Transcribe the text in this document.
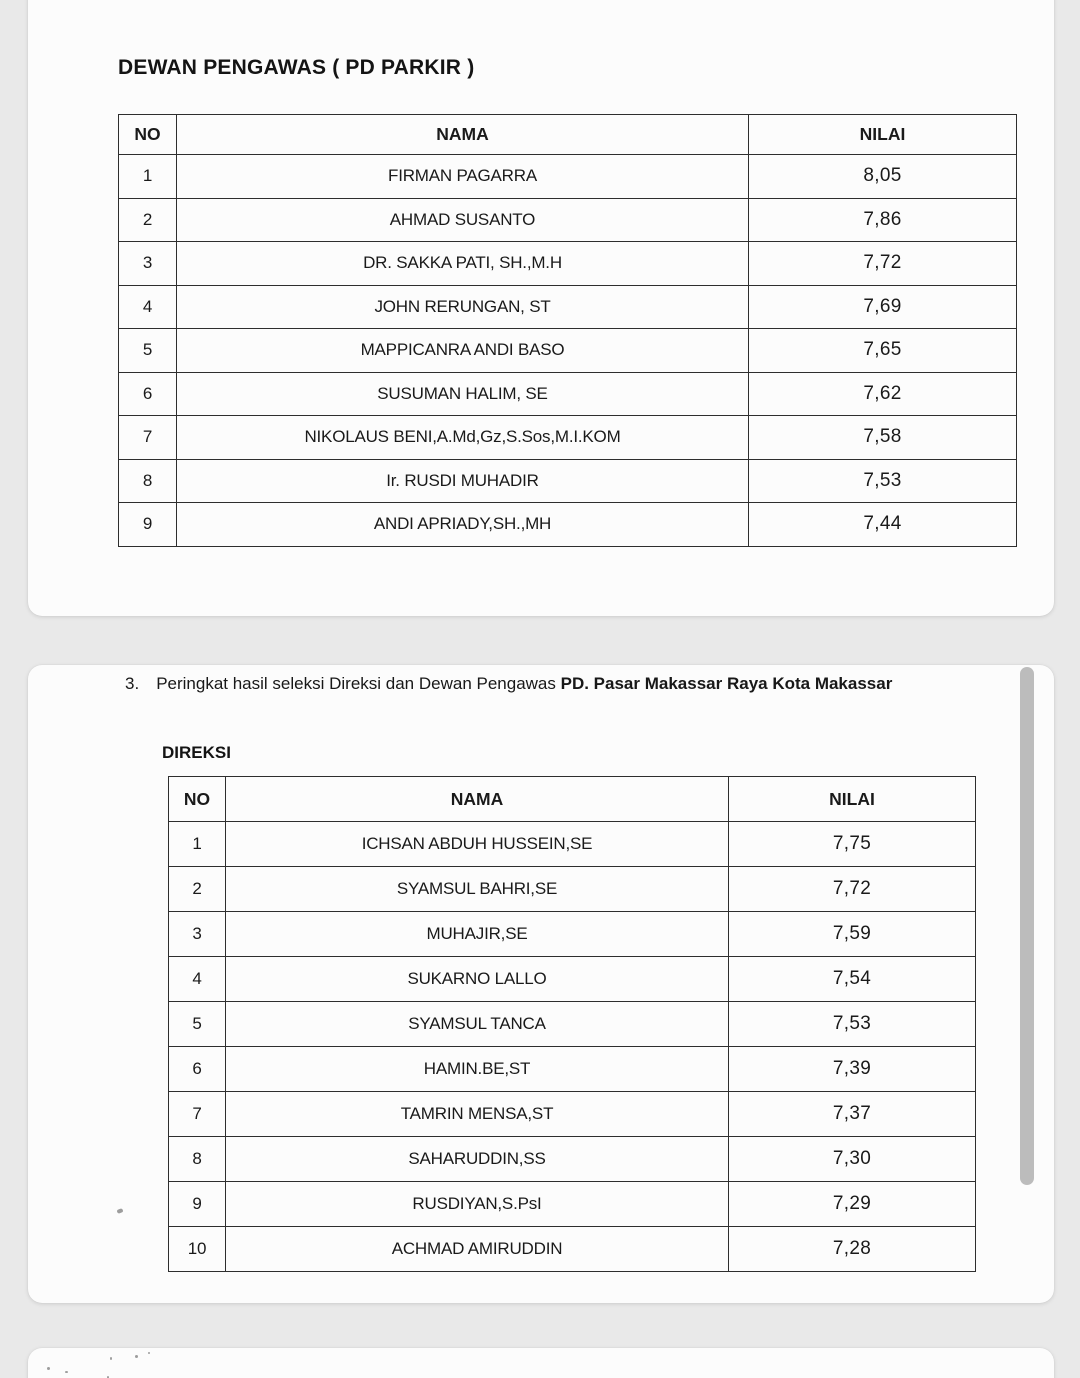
DEWAN PENGAWAS ( PD PARKIR )
NO	NAMA	NILAI
1	FIRMAN PAGARRA	8,05
2	AHMAD SUSANTO	7,86
3	DR. SAKKA PATI, SH.,M.H	7,72
4	JOHN RERUNGAN, ST	7,69
5	MAPPICANRA ANDI BASO	7,65
6	SUSUMAN HALIM, SE	7,62
7	NIKOLAUS BENI,A.Md,Gz,S.Sos,M.I.KOM	7,58
8	Ir. RUSDI MUHADIR	7,53
9	ANDI APRIADY,SH.,MH	7,44
3. Peringkat hasil seleksi Direksi dan Dewan Pengawas PD. Pasar Makassar Raya Kota Makassar
DIREKSI
NO	NAMA	NILAI
1	ICHSAN ABDUH HUSSEIN,SE	7,75
2	SYAMSUL BAHRI,SE	7,72
3	MUHAJIR,SE	7,59
4	SUKARNO LALLO	7,54
5	SYAMSUL TANCA	7,53
6	HAMIN.BE,ST	7,39
7	TAMRIN MENSA,ST	7,37
8	SAHARUDDIN,SS	7,30
9	RUSDIYAN,S.PsI	7,29
10	ACHMAD AMIRUDDIN	7,28
